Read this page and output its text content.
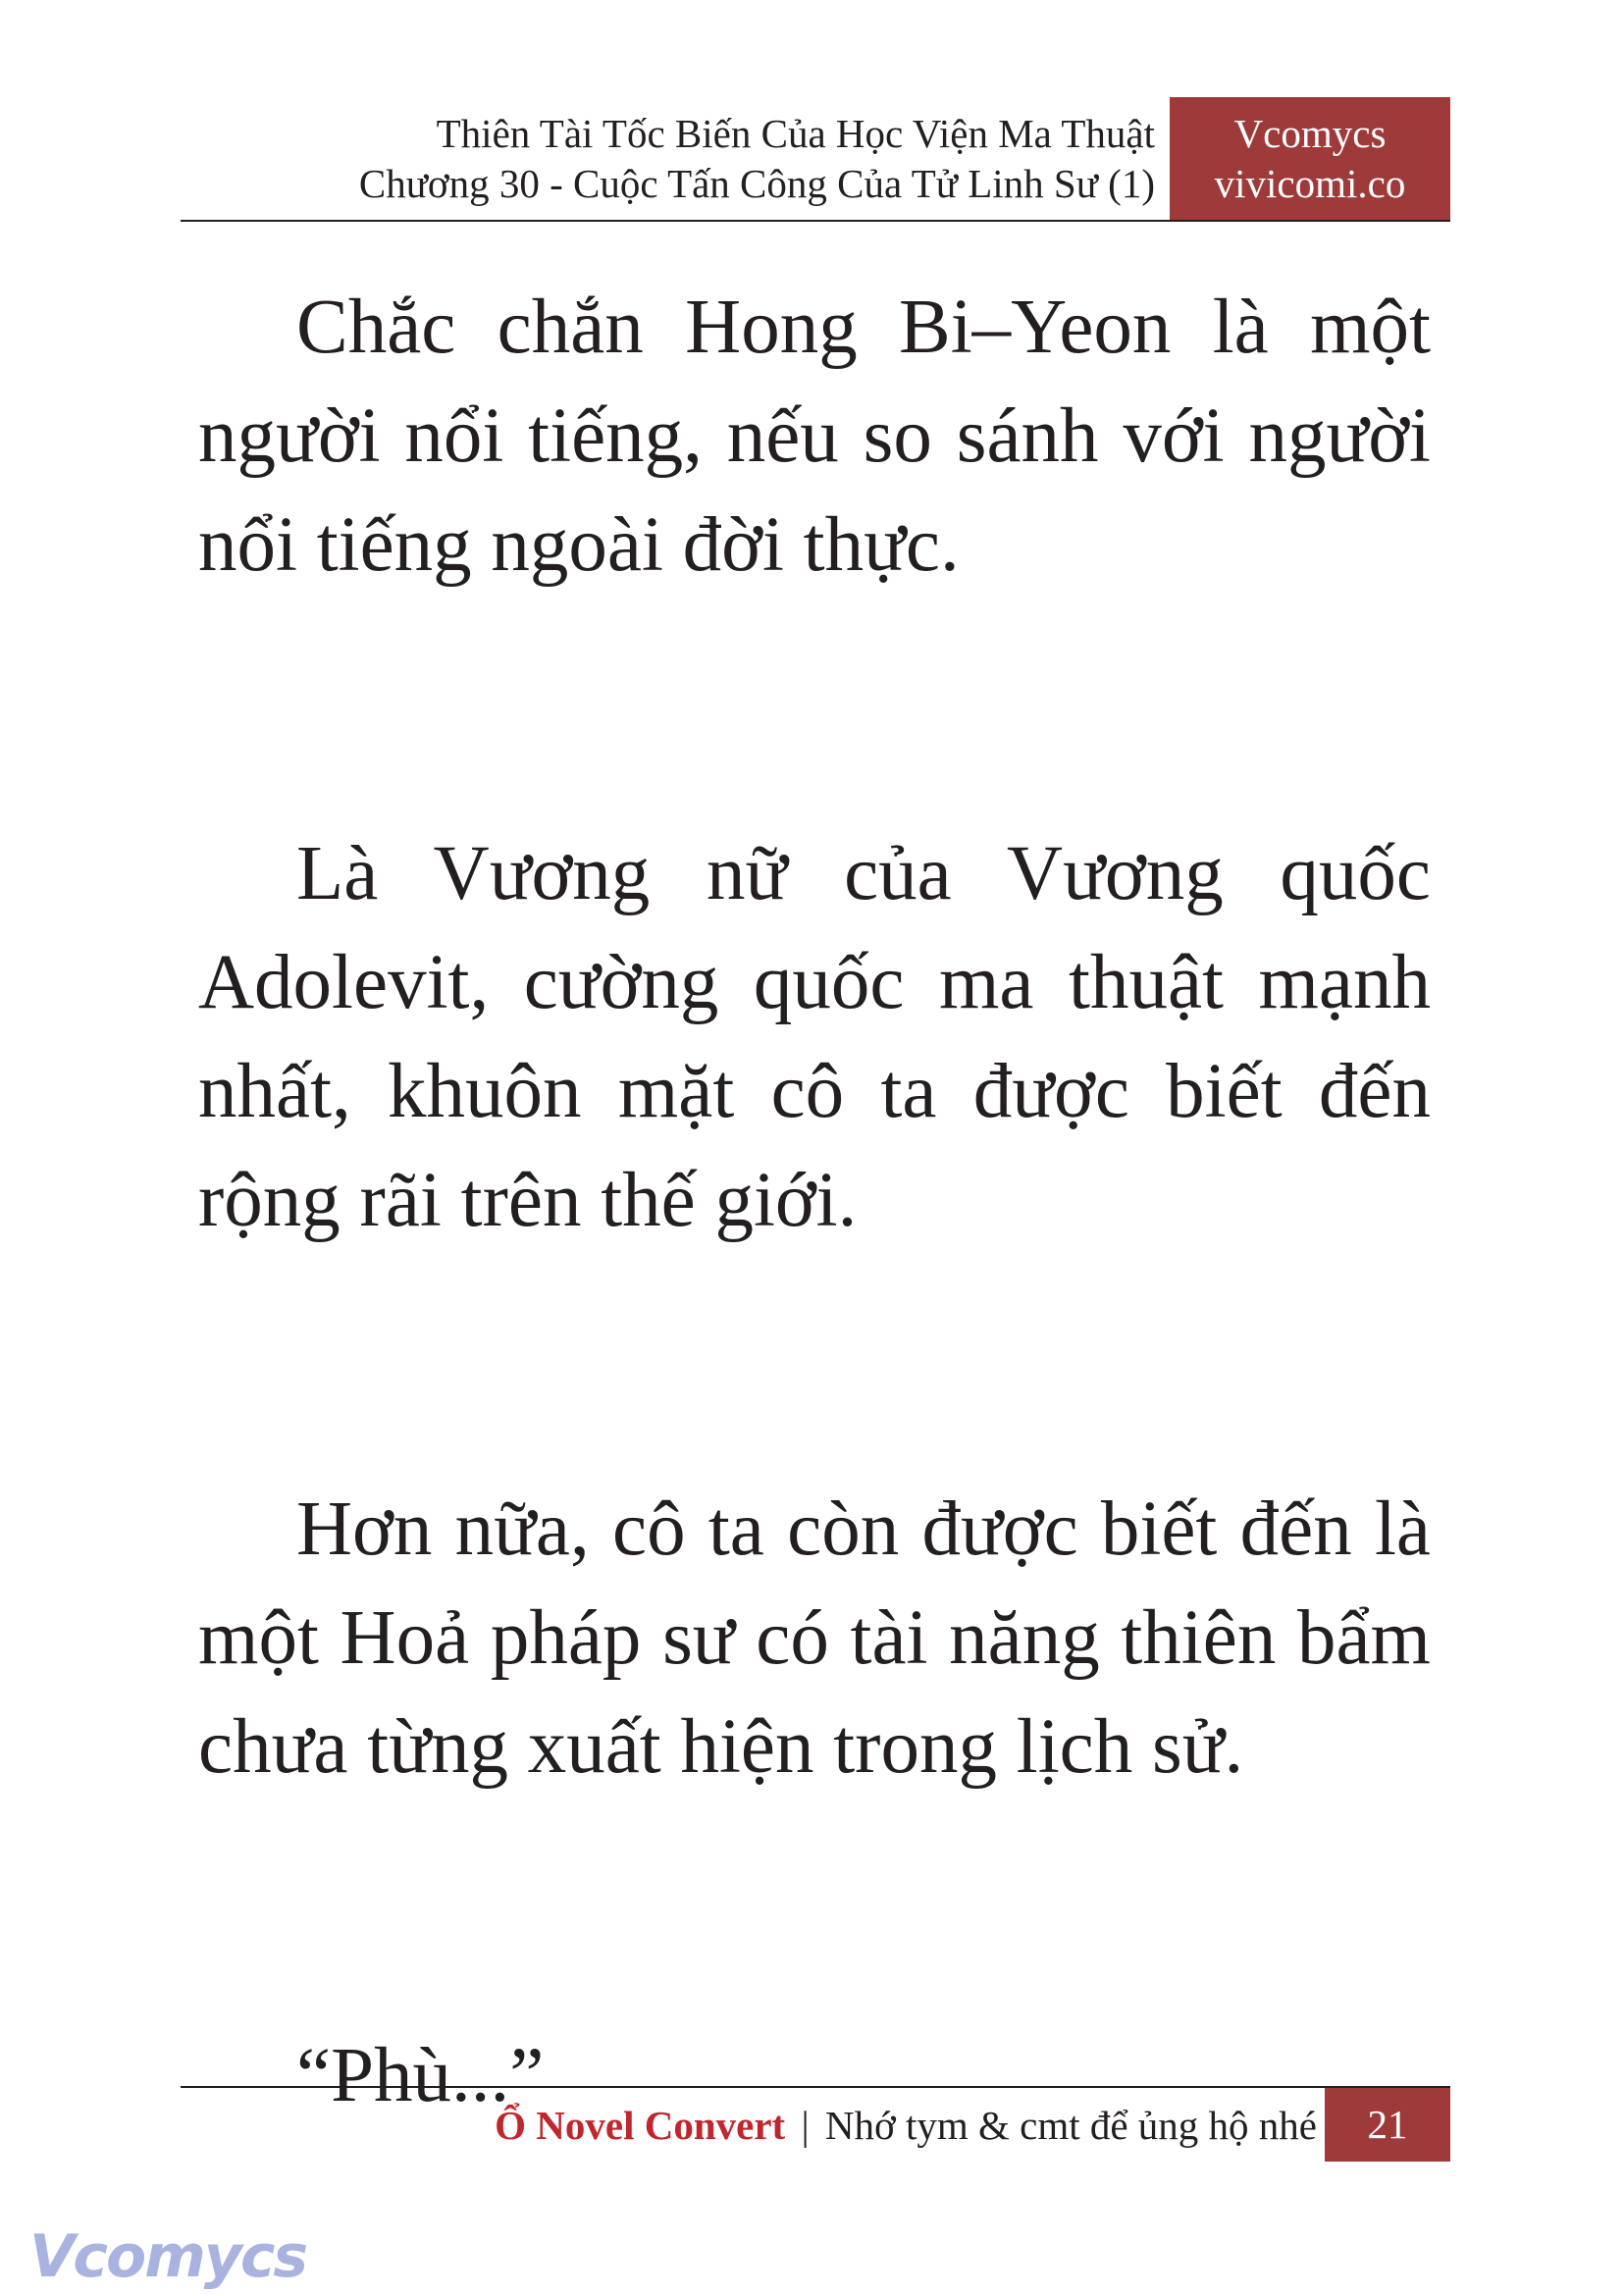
Thiên Tài Tốc Biến Của Học Viện Ma Thuật
Chương 30 - Cuộc Tấn Công Của Tử Linh Sư (1)
Vcomycs
vivicomi.co

Chắc chắn Hong Bi–Yeon là một người nổi tiếng, nếu so sánh với người nổi tiếng ngoài đời thực.

Là Vương nữ của Vương quốc Adolevit, cường quốc ma thuật mạnh nhất, khuôn mặt cô ta được biết đến rộng rãi trên thế giới.

Hơn nữa, cô ta còn được biết đến là một Hoả pháp sư có tài năng thiên bẩm chưa từng xuất hiện trong lịch sử.

“Phù...”

Ổ Novel Convert | Nhớ tym & cmt để ủng hộ nhé	21
Vcomycs
